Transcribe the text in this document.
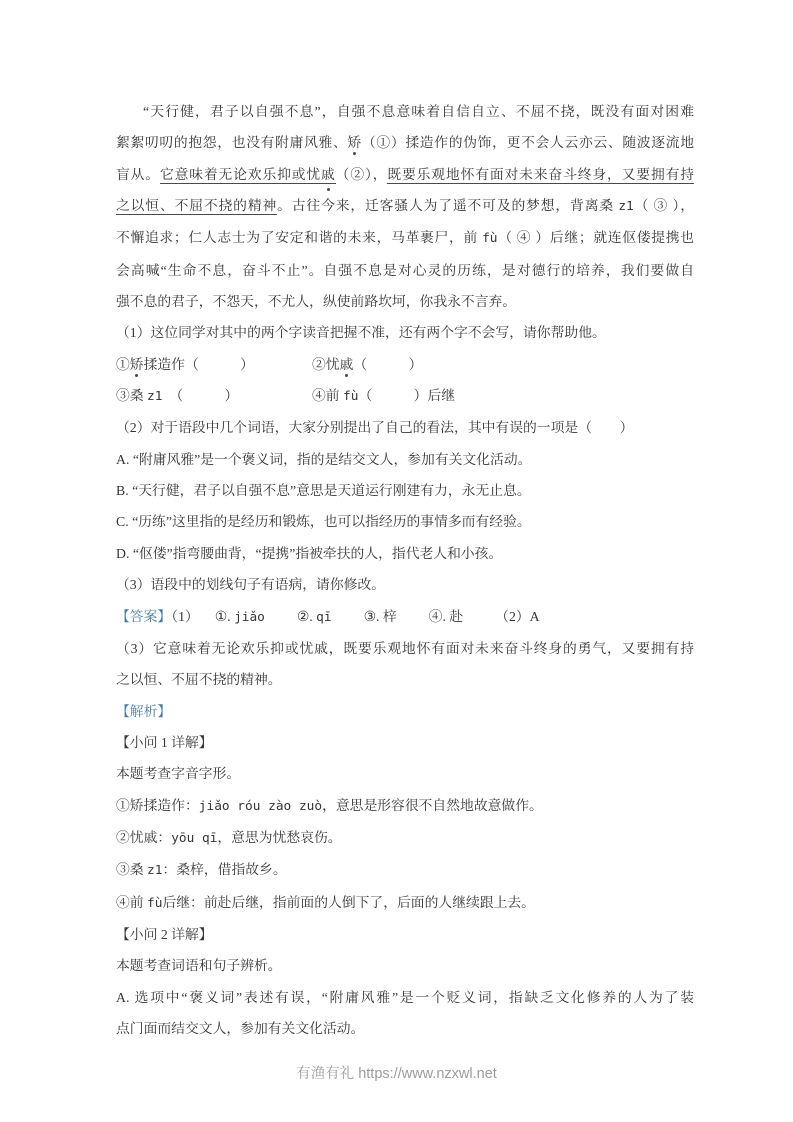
“天行健，君子以自强不息”，自强不息意味着自信自立、不屈不挠，既没有面对困难

絮絮叨叨的抱怨，也没有附庸风雅、矫（①）揉造作的伪饰，更不会人云亦云、随波逐流地

盲从。它意味着无论欢乐抑或忧戚（②），既要乐观地怀有面对未来奋斗终身，又要拥有持

之以恒、不屈不挠的精神。古往今来，迁客骚人为了遥不可及的梦想，背离桑 z1（ ③ ），

不懈追求；仁人志士为了安定和谐的未来，马革裹尸，前 fù（ ④ ）后继；就连伛偻提携也

会高喊“生命不息，奋斗不止”。自强不息是对心灵的历练，是对德行的培养，我们要做自

强不息的君子，不怨天，不尤人，纵使前路坎坷，你我永不言弃。

（1）这位同学对其中的两个字读音把握不准，还有两个字不会写，请你帮助他。

①矫揉造作（　　　）	②忧戚（　　　）

③桑 z1　（　　　）	④前 fù（　　　）后继

（2）对于语段中几个词语，大家分别提出了自己的看法，其中有误的一项是（　　）

A. “附庸风雅”是一个褒义词，指的是结交文人，参加有关文化活动。

B. “天行健，君子以自强不息”意思是天道运行刚建有力，永无止息。

C. “历练”这里指的是经历和锻炼，也可以指经历的事情多而有经验。

D. “伛偻”指弯腰曲背，“提携”指被牵扶的人，指代老人和小孩。

（3）语段中的划线句子有语病，请你修改。

【答案】（1） ①. jiǎo ②. qī ③. 梓 ④. 赴 （2）A

（3）它意味着无论欢乐抑或忧戚，既要乐观地怀有面对未来奋斗终身的勇气，又要拥有持

之以恒、不屈不挠的精神。

【解析】

【小问 1 详解】

本题考查字音字形。

①矫揉造作：jiǎo róu zào zuò，意思是形容很不自然地故意做作。

②忧戚：yōu qī，意思为忧愁哀伤。

③桑 z1：桑梓，借指故乡。

④前 fù后继：前赴后继，指前面的人倒下了，后面的人继续跟上去。

【小问 2 详解】

本题考查词语和句子辨析。

A. 选项中“褒义词”表述有误，“附庸风雅”是一个贬义词，指缺乏文化修养的人为了装

点门面而结交文人，参加有关文化活动。

有渔有礼 https://www.nzxwl.net
